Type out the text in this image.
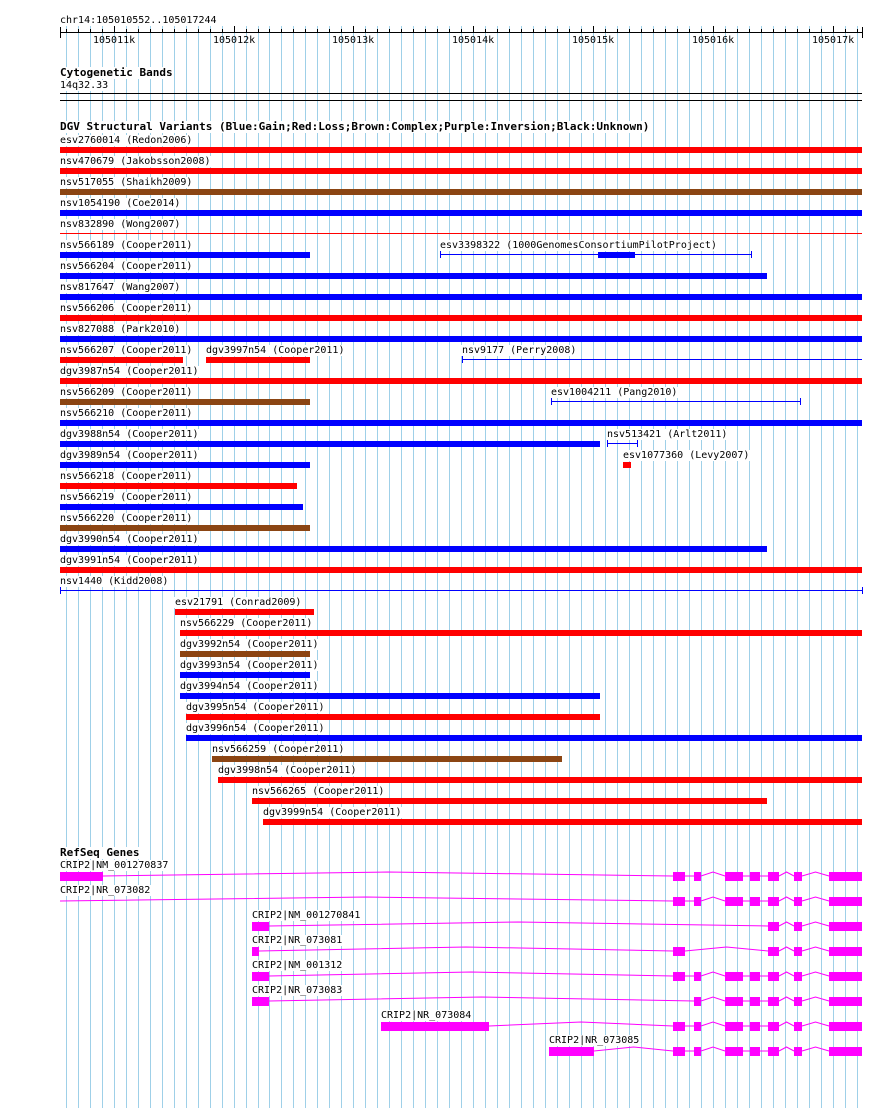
chr14:105010552..105017244
105011k	105012k	105013k	105014k	105015k	105016k	105017k
Cytogenetic Bands
14q32.33
DGV Structural Variants (Blue:Gain;Red:Loss;Brown:Complex;Purple:Inversion;Black:Unknown)
esv2760014 (Redon2006)
nsv470679 (Jakobsson2008)
nsv517055 (Shaikh2009)
nsv1054190 (Coe2014)
nsv832890 (Wong2007)
nsv566189 (Cooper2011)	esv3398322 (1000GenomesConsortiumPilotProject)
nsv566204 (Cooper2011)
nsv817647 (Wang2007)
nsv566206 (Cooper2011)
nsv827088 (Park2010)
nsv566207 (Cooper2011) dgv3997n54 (Cooper2011)	nsv9177 (Perry2008)
dgv3987n54 (Cooper2011)
nsv566209 (Cooper2011)	esv1004211 (Pang2010)
nsv566210 (Cooper2011)
dgv3988n54 (Cooper2011)	nsv513421 (Arlt2011)
dgv3989n54 (Cooper2011)	esv1077360 (Levy2007)
nsv566218 (Cooper2011)
nsv566219 (Cooper2011)
nsv566220 (Cooper2011)
dgv3990n54 (Cooper2011)
dgv3991n54 (Cooper2011)
nsv1440 (Kidd2008)
esv21791 (Conrad2009)
nsv566229 (Cooper2011)
dgv3992n54 (Cooper2011)
dgv3993n54 (Cooper2011)
dgv3994n54 (Cooper2011)
dgv3995n54 (Cooper2011)
dgv3996n54 (Cooper2011)
nsv566259 (Cooper2011)
dgv3998n54 (Cooper2011)
nsv566265 (Cooper2011)
dgv3999n54 (Cooper2011)
RefSeq Genes
CRIP2|NM_001270837
CRIP2|NR_073082
CRIP2|NM_001270841
CRIP2|NR_073081
CRIP2|NM_001312
CRIP2|NR_073083
CRIP2|NR_073084
CRIP2|NR_073085
